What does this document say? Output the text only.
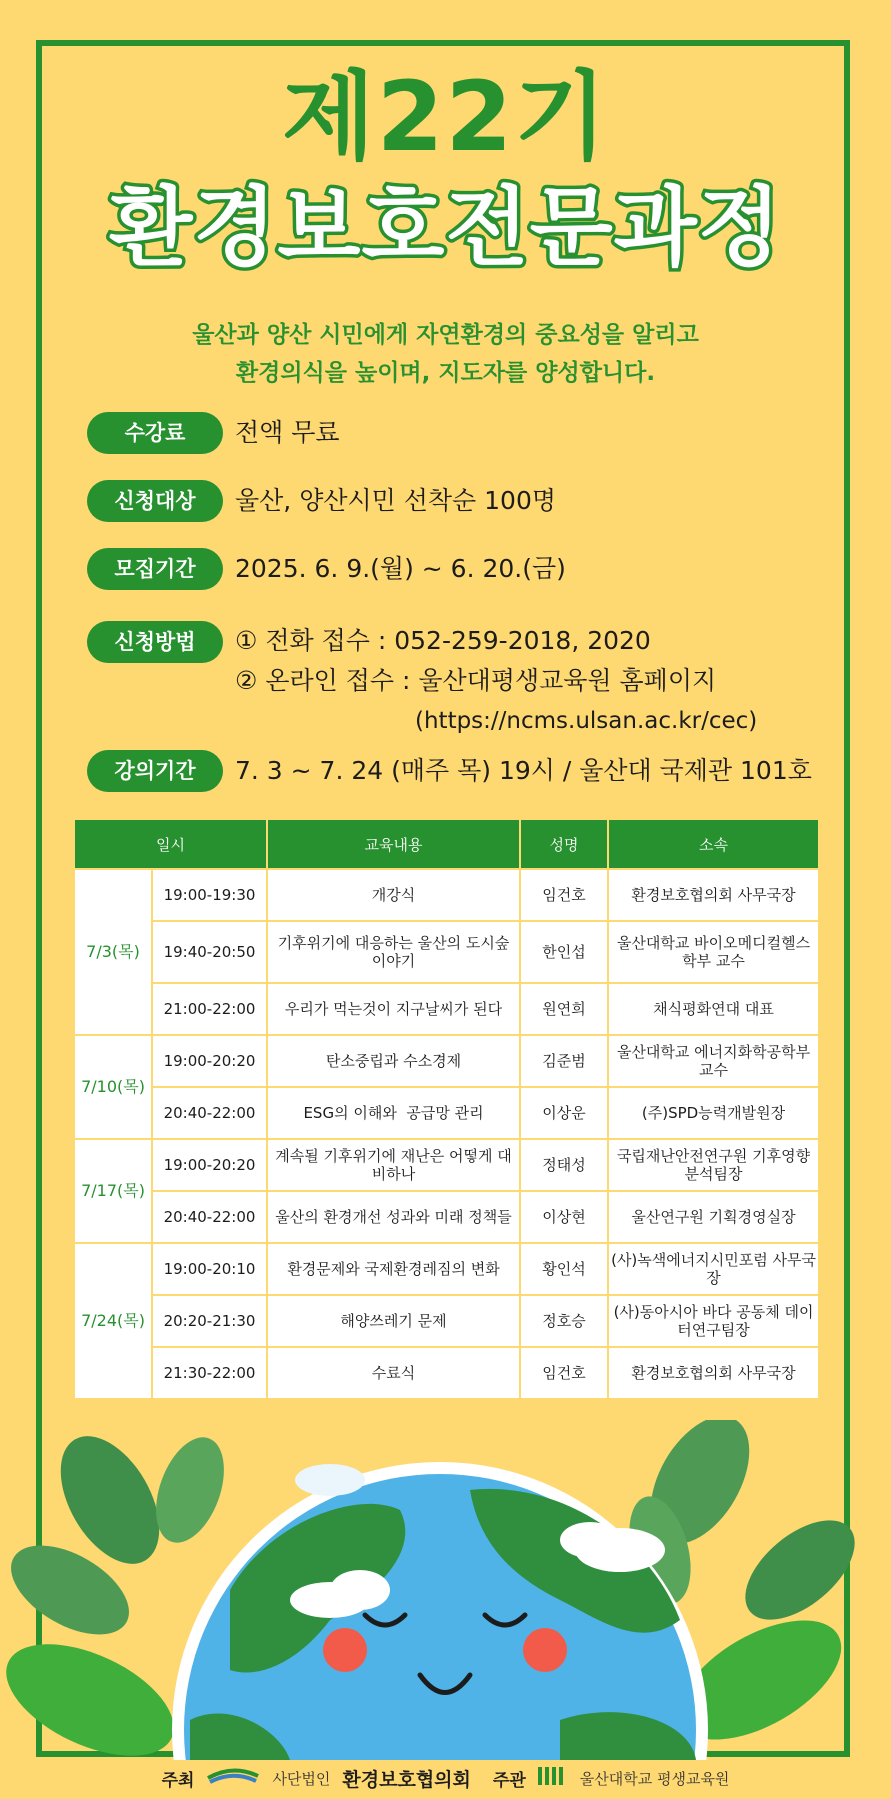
제22기
환경보호전문과정
울산과 양산 시민에게 자연환경의 중요성을 알리고
환경의식을 높이며, 지도자를 양성합니다.
수강료	전액 무료
신청대상	울산, 양산시민 선착순 100명
모집기간	2025. 6. 9.(월) ~ 6. 20.(금)
신청방법	① 전화 접수 : 052-259-2018, 2020
② 온라인 접수 : 울산대평생교육원 홈페이지
(https://ncms.ulsan.ac.kr/cec)
강의기간	7. 3 ~ 7. 24 (매주 목) 19시 / 울산대 국제관 101호
일시		교육내용	성명	소속
7/3(목)	19:00-19:30	개강식	임건호	환경보호협의회 사무국장
	19:40-20:50	기후위기에 대응하는 울산의 도시숲 이야기	한인섭	울산대학교 바이오메디컬헬스학부 교수
	21:00-22:00	우리가 먹는것이 지구날씨가 된다	원연희	채식평화연대 대표
7/10(목)	19:00-20:20	탄소중립과 수소경제	김준범	울산대학교 에너지화학공학부 교수
	20:40-22:00	ESG의 이해와  공급망 관리	이상운	(주)SPD능력개발원장
7/17(목)	19:00-20:20	계속될 기후위기에 재난은 어떻게 대비하나	정태성	국립재난안전연구원 기후영향분석팀장
	20:40-22:00	울산의 환경개선 성과와 미래 정책들	이상현	울산연구원 기획경영실장
7/24(목)	19:00-20:10	환경문제와 국제환경레짐의 변화	황인석	(사)녹색에너지시민포럼 사무국장
	20:20-21:30	해양쓰레기 문제	정호승	(사)동아시아 바다 공동체 데이터연구팀장
	21:30-22:00	수료식	임건호	환경보호협의회 사무국장
주최	사단법인 환경보호협의회 주관	울산대학교 평생교육원
